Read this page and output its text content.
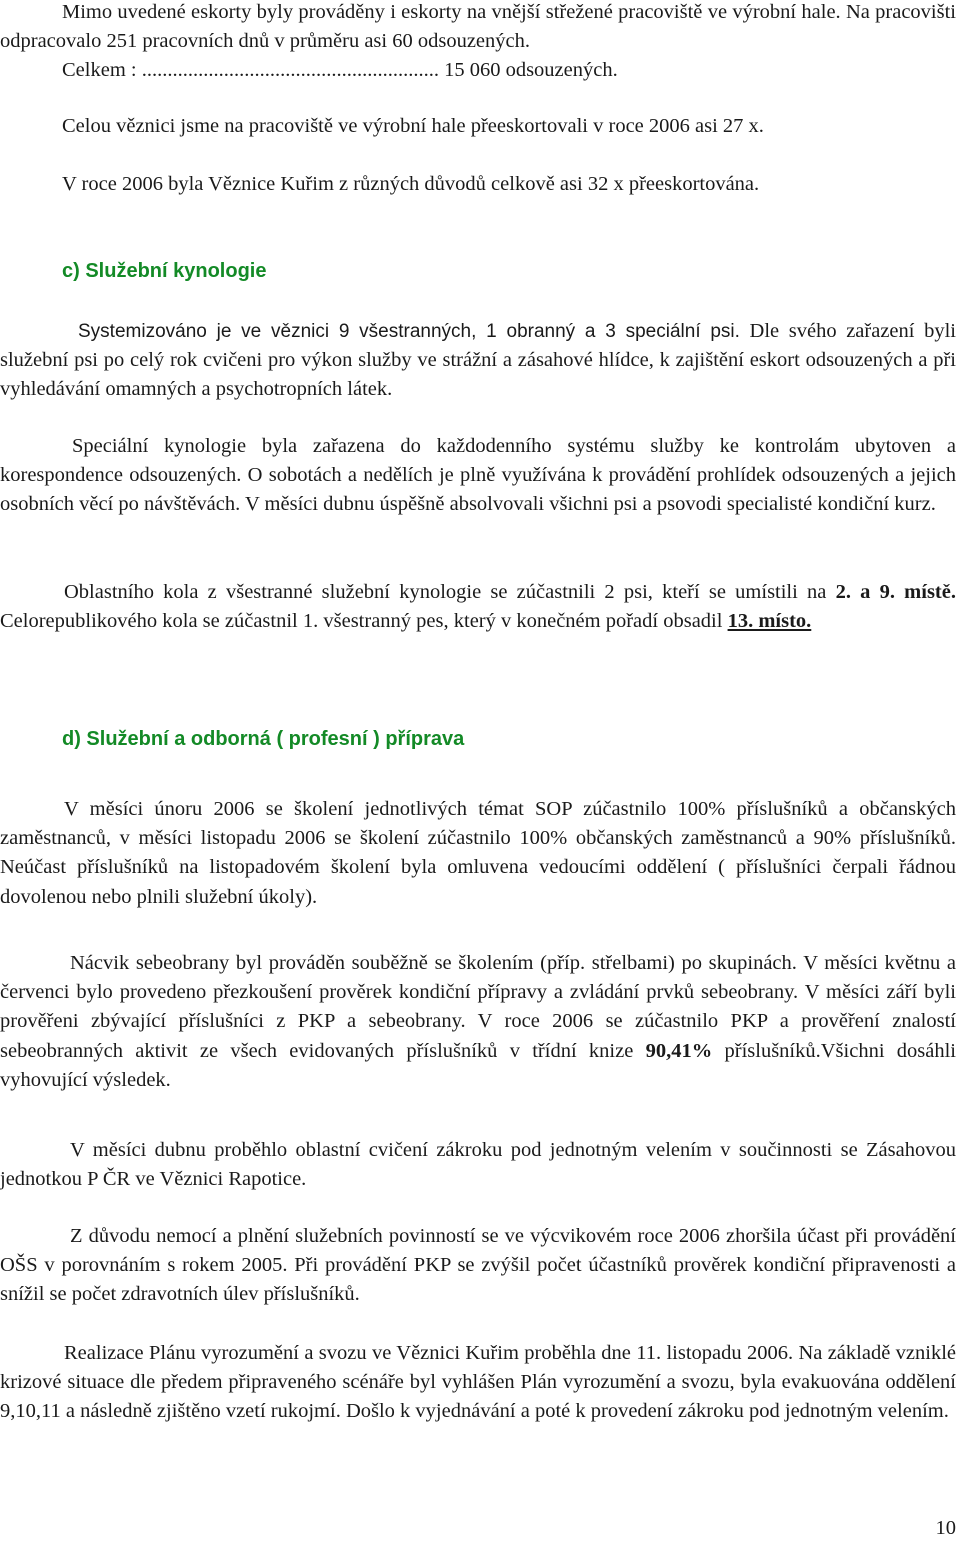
Mimo uvedené eskorty byly prováděny i eskorty na vnější střežené pracoviště ve výrobní hale. Na pracovišti odpracovalo 251 pracovních dnů v průměru asi 60 odsouzených.

Celkem : .......................................................... 15 060 odsouzených.

Celou věznici jsme na pracoviště ve výrobní hale přeeskortovali v roce 2006 asi 27 x.

V roce 2006 byla Věznice Kuřim z různých důvodů celkově asi 32 x přeeskortována.

c) Služební kynologie

Systemizováno je ve věznici 9 všestranných, 1 obranný a 3 speciální psi. Dle svého zařazení byli služební psi po celý rok cvičeni pro výkon služby ve strážní a zásahové hlídce, k zajištění eskort odsouzených a při vyhledávání omamných a psychotropních látek.

Speciální kynologie byla zařazena do každodenního systému služby ke kontrolám ubytoven a korespondence odsouzených. O sobotách a nedělích je plně využívána k provádění prohlídek odsouzených a jejich osobních věcí po návštěvách. V měsíci dubnu úspěšně absolvovali všichni psi a psovodi specialisté kondiční kurz.

Oblastního kola z všestranné služební kynologie se zúčastnili 2 psi, kteří se umístili na 2. a 9. místě. Celorepublikového kola se zúčastnil 1. všestranný pes, který v konečném pořadí obsadil 13. místo.

d) Služební a odborná ( profesní ) příprava

V měsíci únoru 2006 se školení jednotlivých témat SOP zúčastnilo 100% příslušníků a občanských zaměstnanců, v měsíci listopadu 2006 se školení zúčastnilo 100% občanských zaměstnanců a 90% příslušníků. Neúčast příslušníků na listopadovém školení byla omluvena vedoucími oddělení ( příslušníci čerpali řádnou dovolenou nebo plnili služební úkoly).

Nácvik sebeobrany byl prováděn souběžně se školením (příp. střelbami) po skupinách. V měsíci květnu a červenci bylo provedeno přezkoušení prověrek kondiční přípravy a zvládání prvků sebeobrany. V měsíci září byli prověřeni zbývající příslušníci z PKP a sebeobrany. V roce 2006 se zúčastnilo PKP a prověření znalostí sebeobranných aktivit ze všech evidovaných příslušníků v třídní knize 90,41% příslušníků.Všichni dosáhli vyhovující výsledek.

V měsíci dubnu proběhlo oblastní cvičení zákroku pod jednotným velením v součinnosti se Zásahovou jednotkou P ČR ve Věznici Rapotice.

Z důvodu nemocí a plnění služebních povinností se ve výcvikovém roce 2006 zhoršila účast při provádění OŠS v porovnáním s rokem 2005. Při provádění PKP se zvýšil počet účastníků prověrek kondiční připravenosti a snížil se počet zdravotních úlev příslušníků.

Realizace Plánu vyrozumění a svozu ve Věznici Kuřim proběhla dne 11. listopadu 2006. Na základě vzniklé krizové situace dle předem připraveného scénáře byl vyhlášen Plán vyrozumění a svozu, byla evakuována oddělení 9,10,11 a následně zjištěno vzetí rukojmí. Došlo k vyjednávání a poté k provedení zákroku pod jednotným velením.

10
